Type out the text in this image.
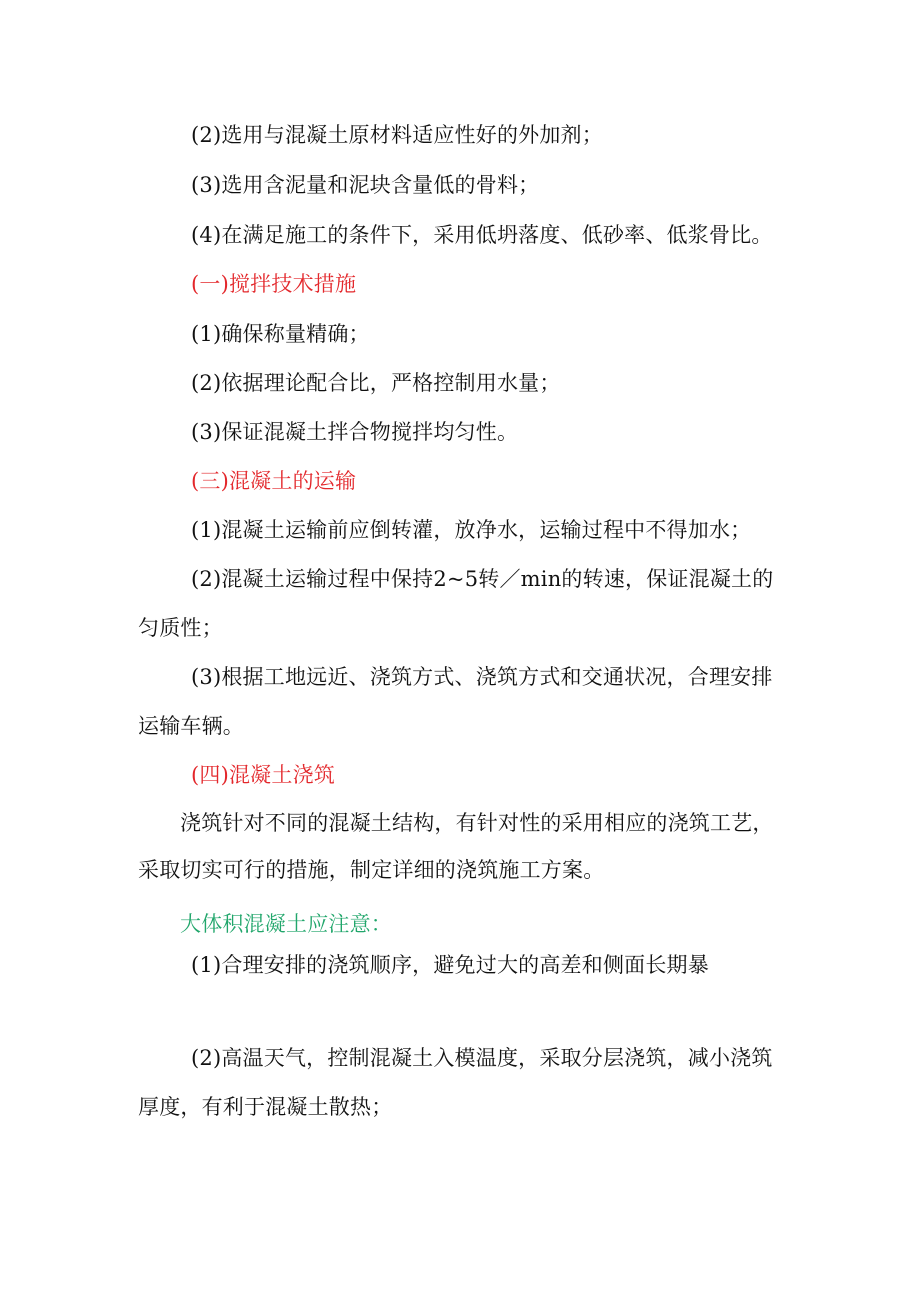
(2)选用与混凝土原材料适应性好的外加剂；
(3)选用含泥量和泥块含量低的骨料；
(4)在满足施工的条件下，采用低坍落度、低砂率、低浆骨比。
(一)搅拌技术措施
(1)确保称量精确；
(2)依据理论配合比，严格控制用水量；
(3)保证混凝土拌合物搅拌均匀性。
(三)混凝土的运输
(1)混凝土运输前应倒转灌，放净水，运输过程中不得加水；
(2)混凝土运输过程中保持2~5转／min的转速，保证混凝土的
匀质性；
(3)根据工地远近、浇筑方式、浇筑方式和交通状况，合理安排
运输车辆。
(四)混凝土浇筑
浇筑针对不同的混凝土结构，有针对性的采用相应的浇筑工艺，
采取切实可行的措施，制定详细的浇筑施工方案。
大体积混凝土应注意：
(1)合理安排的浇筑顺序，避免过大的高差和侧面长期暴
(2)高温天气，控制混凝土入模温度，采取分层浇筑，减小浇筑
厚度，有利于混凝土散热；
